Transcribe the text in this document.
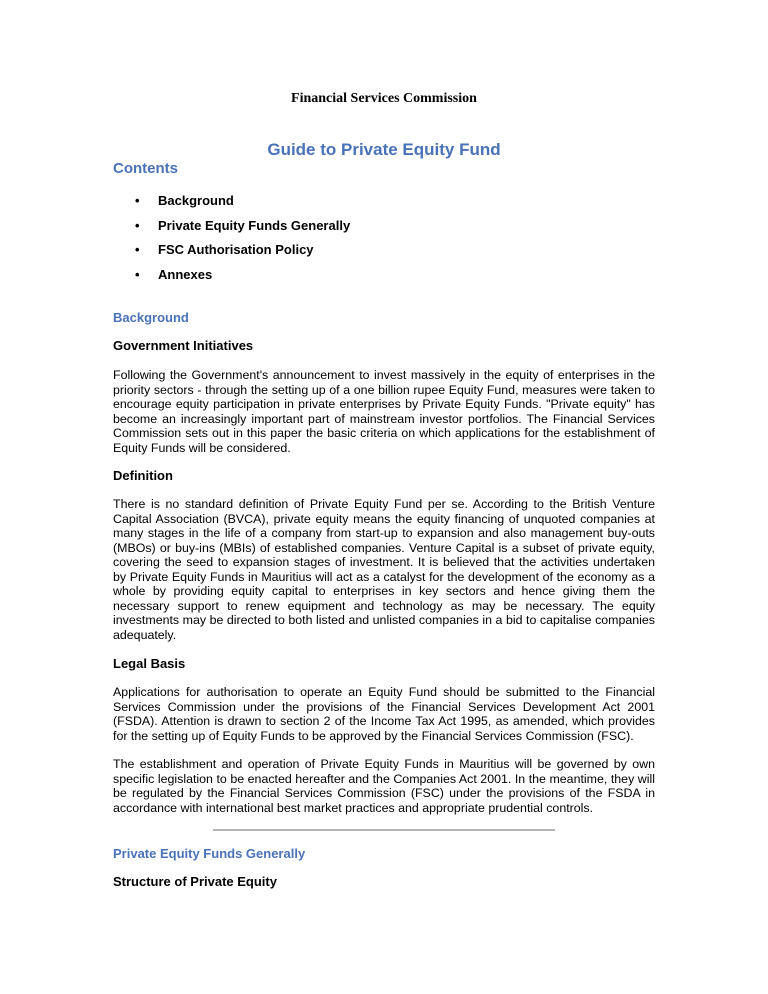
Financial Services Commission
Guide to Private Equity Fund
Contents
• Background
• Private Equity Funds Generally
• FSC Authorisation Policy
• Annexes
Background
Government Initiatives

Following the Government's announcement to invest massively in the equity of enterprises in the priority sectors - through the setting up of a one billion rupee Equity Fund, measures were taken to encourage equity participation in private enterprises by Private Equity Funds. "Private equity" has become an increasingly important part of mainstream investor portfolios. The Financial Services Commission sets out in this paper the basic criteria on which applications for the establishment of Equity Funds will be considered.

Definition

There is no standard definition of Private Equity Fund per se. According to the British Venture Capital Association (BVCA), private equity means the equity financing of unquoted companies at many stages in the life of a company from start-up to expansion and also management buy-outs (MBOs) or buy-ins (MBIs) of established companies. Venture Capital is a subset of private equity, covering the seed to expansion stages of investment. It is believed that the activities undertaken by Private Equity Funds in Mauritius will act as a catalyst for the development of the economy as a whole by providing equity capital to enterprises in key sectors and hence giving them the necessary support to renew equipment and technology as may be necessary. The equity investments may be directed to both listed and unlisted companies in a bid to capitalise companies adequately.

Legal Basis

Applications for authorisation to operate an Equity Fund should be submitted to the Financial Services Commission under the provisions of the Financial Services Development Act 2001 (FSDA). Attention is drawn to section 2 of the Income Tax Act 1995, as amended, which provides for the setting up of Equity Funds to be approved by the Financial Services Commission (FSC).

The establishment and operation of Private Equity Funds in Mauritius will be governed by own specific legislation to be enacted hereafter and the Companies Act 2001. In the meantime, they will be regulated by the Financial Services Commission (FSC) under the provisions of the FSDA in accordance with international best market practices and appropriate prudential controls.

Private Equity Funds Generally
Structure of Private Equity
